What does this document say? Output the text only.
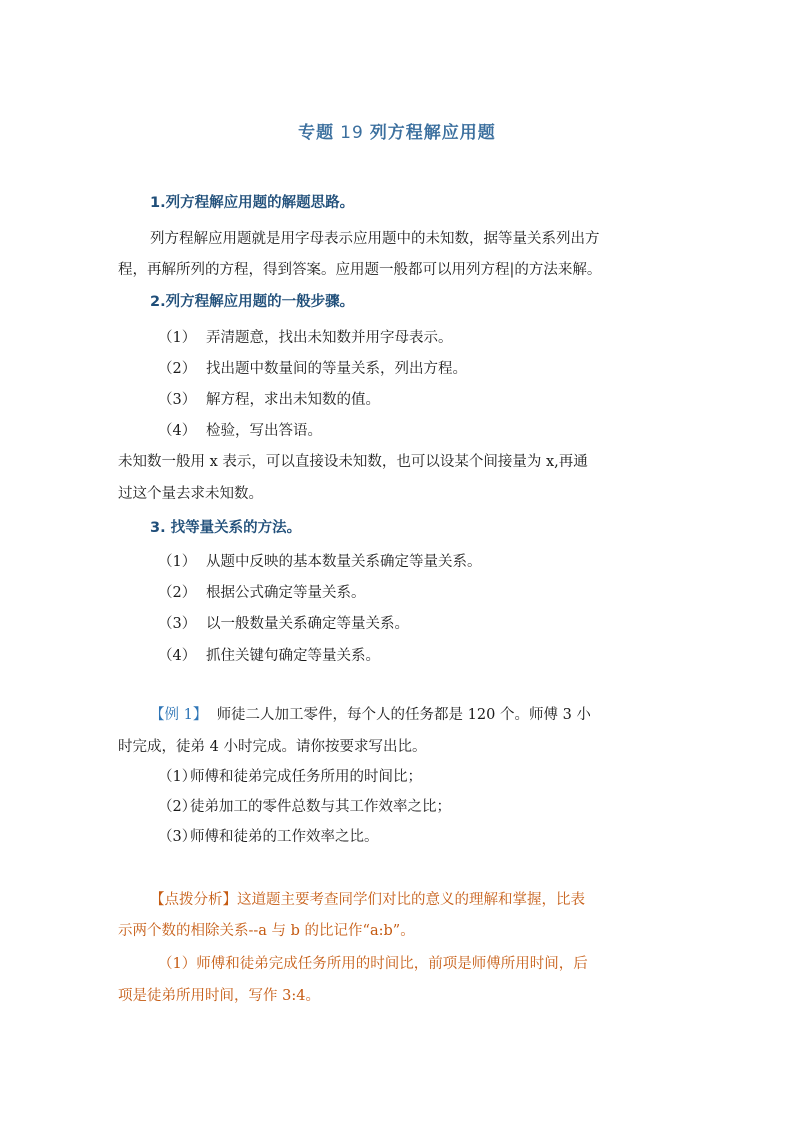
专题 19 列方程解应用题
1.列方程解应用题的解题思路。
列方程解应用题就是用字母表示应用题中的未知数，据等量关系列出方
程，再解所列的方程，得到答案。应用题一般都可以用列方程|的方法来解。
2.列方程解应用题的一般步骤。
（1） 弄清题意，找出未知数并用字母表示。
（2） 找出题中数量间的等量关系，列出方程。
（3） 解方程，求出未知数的值。
（4） 检验，写出答语。
未知数一般用 x 表示，可以直接设未知数，也可以设某个间接量为 x,再通
过这个量去求未知数。
3. 找等量关系的方法。
（1） 从题中反映的基本数量关系确定等量关系。
（2） 根据公式确定等量关系。
（3） 以一般数量关系确定等量关系。
（4） 抓住关键句确定等量关系。
【例 1】 师徒二人加工零件，每个人的任务都是 120 个。师傅 3 小
时完成，徒弟 4 小时完成。请你按要求写出比。
（1）师傅和徒弟完成任务所用的时间比；
（2）徒弟加工的零件总数与其工作效率之比；
（3）师傅和徒弟的工作效率之比。
【点拨分析】这道题主要考查同学们对比的意义的理解和掌握，比表
示两个数的相除关系--a 与 b 的比记作“a:b”。
（1）师傅和徒弟完成任务所用的时间比，前项是师傅所用时间，后
项是徒弟所用时间，写作 3:4。
